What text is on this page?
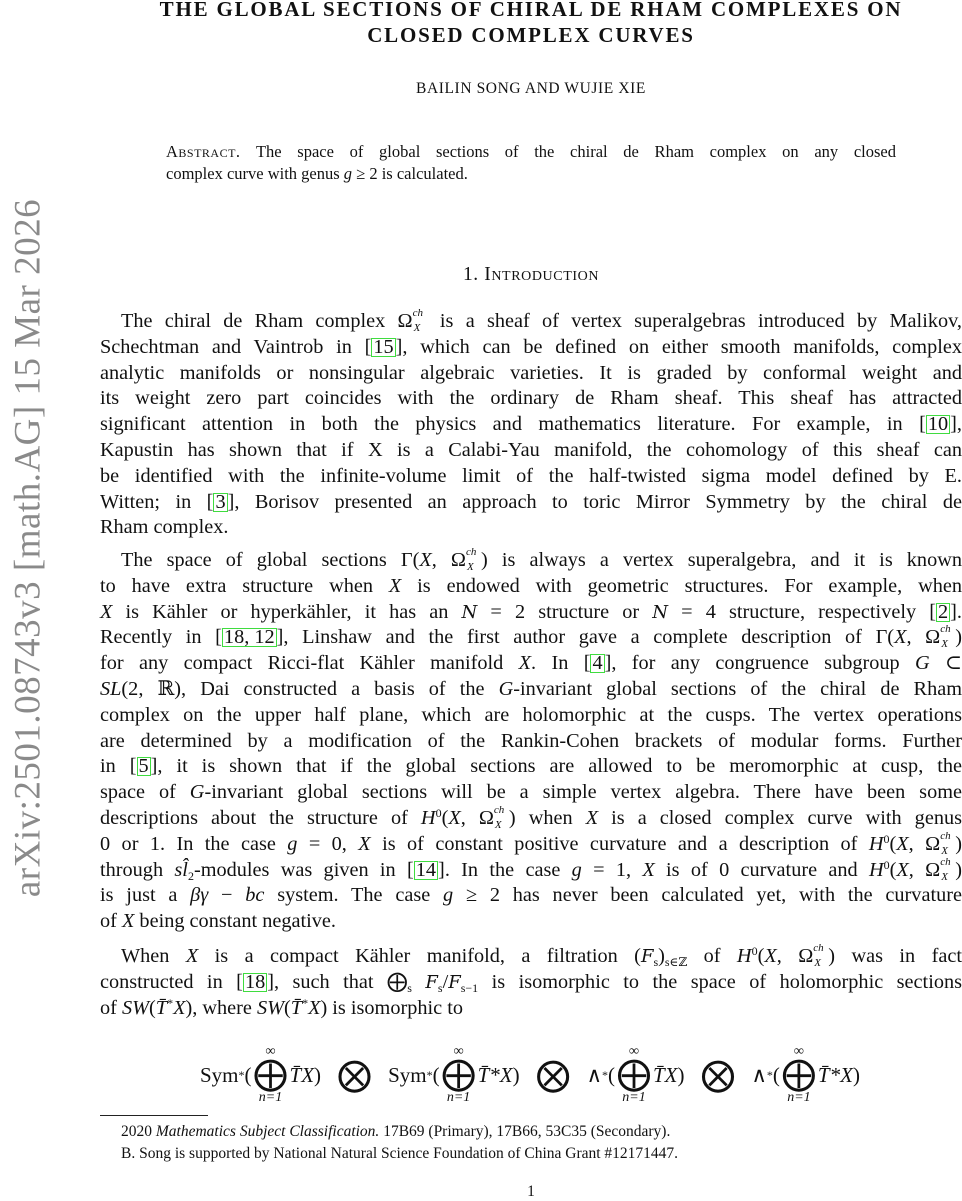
arXiv:2501.08743v3 [math.AG] 15 Mar 2026
THE GLOBAL SECTIONS OF CHIRAL DE RHAM COMPLEXES ON
CLOSED COMPLEX CURVES
BAILIN SONG AND WUJIE XIE
Abstract. The space of global sections of the chiral de Rham complex on any closed
complex curve with genus g ≥ 2 is calculated.
1. Introduction
The chiral de Rham complex Ω ch
X is a sheaf of vertex superalgebras introduced by Malikov,
Schechtman and Vaintrob in [15], which can be defined on either smooth manifolds, complex
analytic manifolds or nonsingular algebraic varieties. It is graded by conformal weight and
its weight zero part coincides with the ordinary de Rham sheaf. This sheaf has attracted
significant attention in both the physics and mathematics literature. For example, in [10],
Kapustin has shown that if X is a Calabi-Yau manifold, the cohomology of this sheaf can
be identified with the infinite-volume limit of the half-twisted sigma model defined by E.
Witten; in [3], Borisov presented an approach to toric Mirror Symmetry by the chiral de
Rham complex.
The space of global sections Γ(X, Ω ch
X ) is always a vertex superalgebra, and it is known
to have extra structure when X is endowed with geometric structures. For example, when
X is Kähler or hyperkähler, it has an N = 2 structure or N = 4 structure, respectively [2].
Recently in [18, 12], Linshaw and the first author gave a complete description of Γ(X, Ω ch
X )
for any compact Ricci-flat Kähler manifold X. In [4], for any congruence subgroup G ⊂
SL(2, ℝ), Dai constructed a basis of the G-invariant global sections of the chiral de Rham
complex on the upper half plane, which are holomorphic at the cusps. The vertex operations
are determined by a modification of the Rankin-Cohen brackets of modular forms. Further
in [5], it is shown that if the global sections are allowed to be meromorphic at cusp, the
space of G-invariant global sections will be a simple vertex algebra. There have been some
descriptions about the structure of $H^0(X$, Ω ch
X ) when X is a closed complex curve with genus
0 or 1. In the case g = 0, X is of constant positive curvature and a description of $H^0(X$, Ω ch
X )
through $sl̂_2$-modules was given in [14]. In the case g = 1, X is of 0 curvature and $H^0(X$, Ω ch
X )
is just a βγ − bc system. The case g ≥ 2 has never been calculated yet, with the curvature
of X being constant negative.
When X is a compact Kähler manifold, a filtration $(F_s)_{s\in ℤ}$ of $H^0(X$, Ω ch
X ) was in fact
constructed in [18], such that $⨁_s$ $F_s/F_{s-1}$ is isomorphic to the space of holomorphic sections
of SW(T̄*X), where SW(T̄*X) is isomorphic to
Sym * (
∞
⨁
n=1
T̄X ) ⨂ Sym * (
∞
⨁
n=1
T̄*X ) ⨂ ∧ * (
∞
⨁
n=1
T̄X ) ⨂ ∧ * (
∞
⨁
n=1
T̄*X )
2020 Mathematics Subject Classification. 17B69 (Primary), 17B66, 53C35 (Secondary).
B. Song is supported by National Natural Science Foundation of China Grant #12171447.
1
